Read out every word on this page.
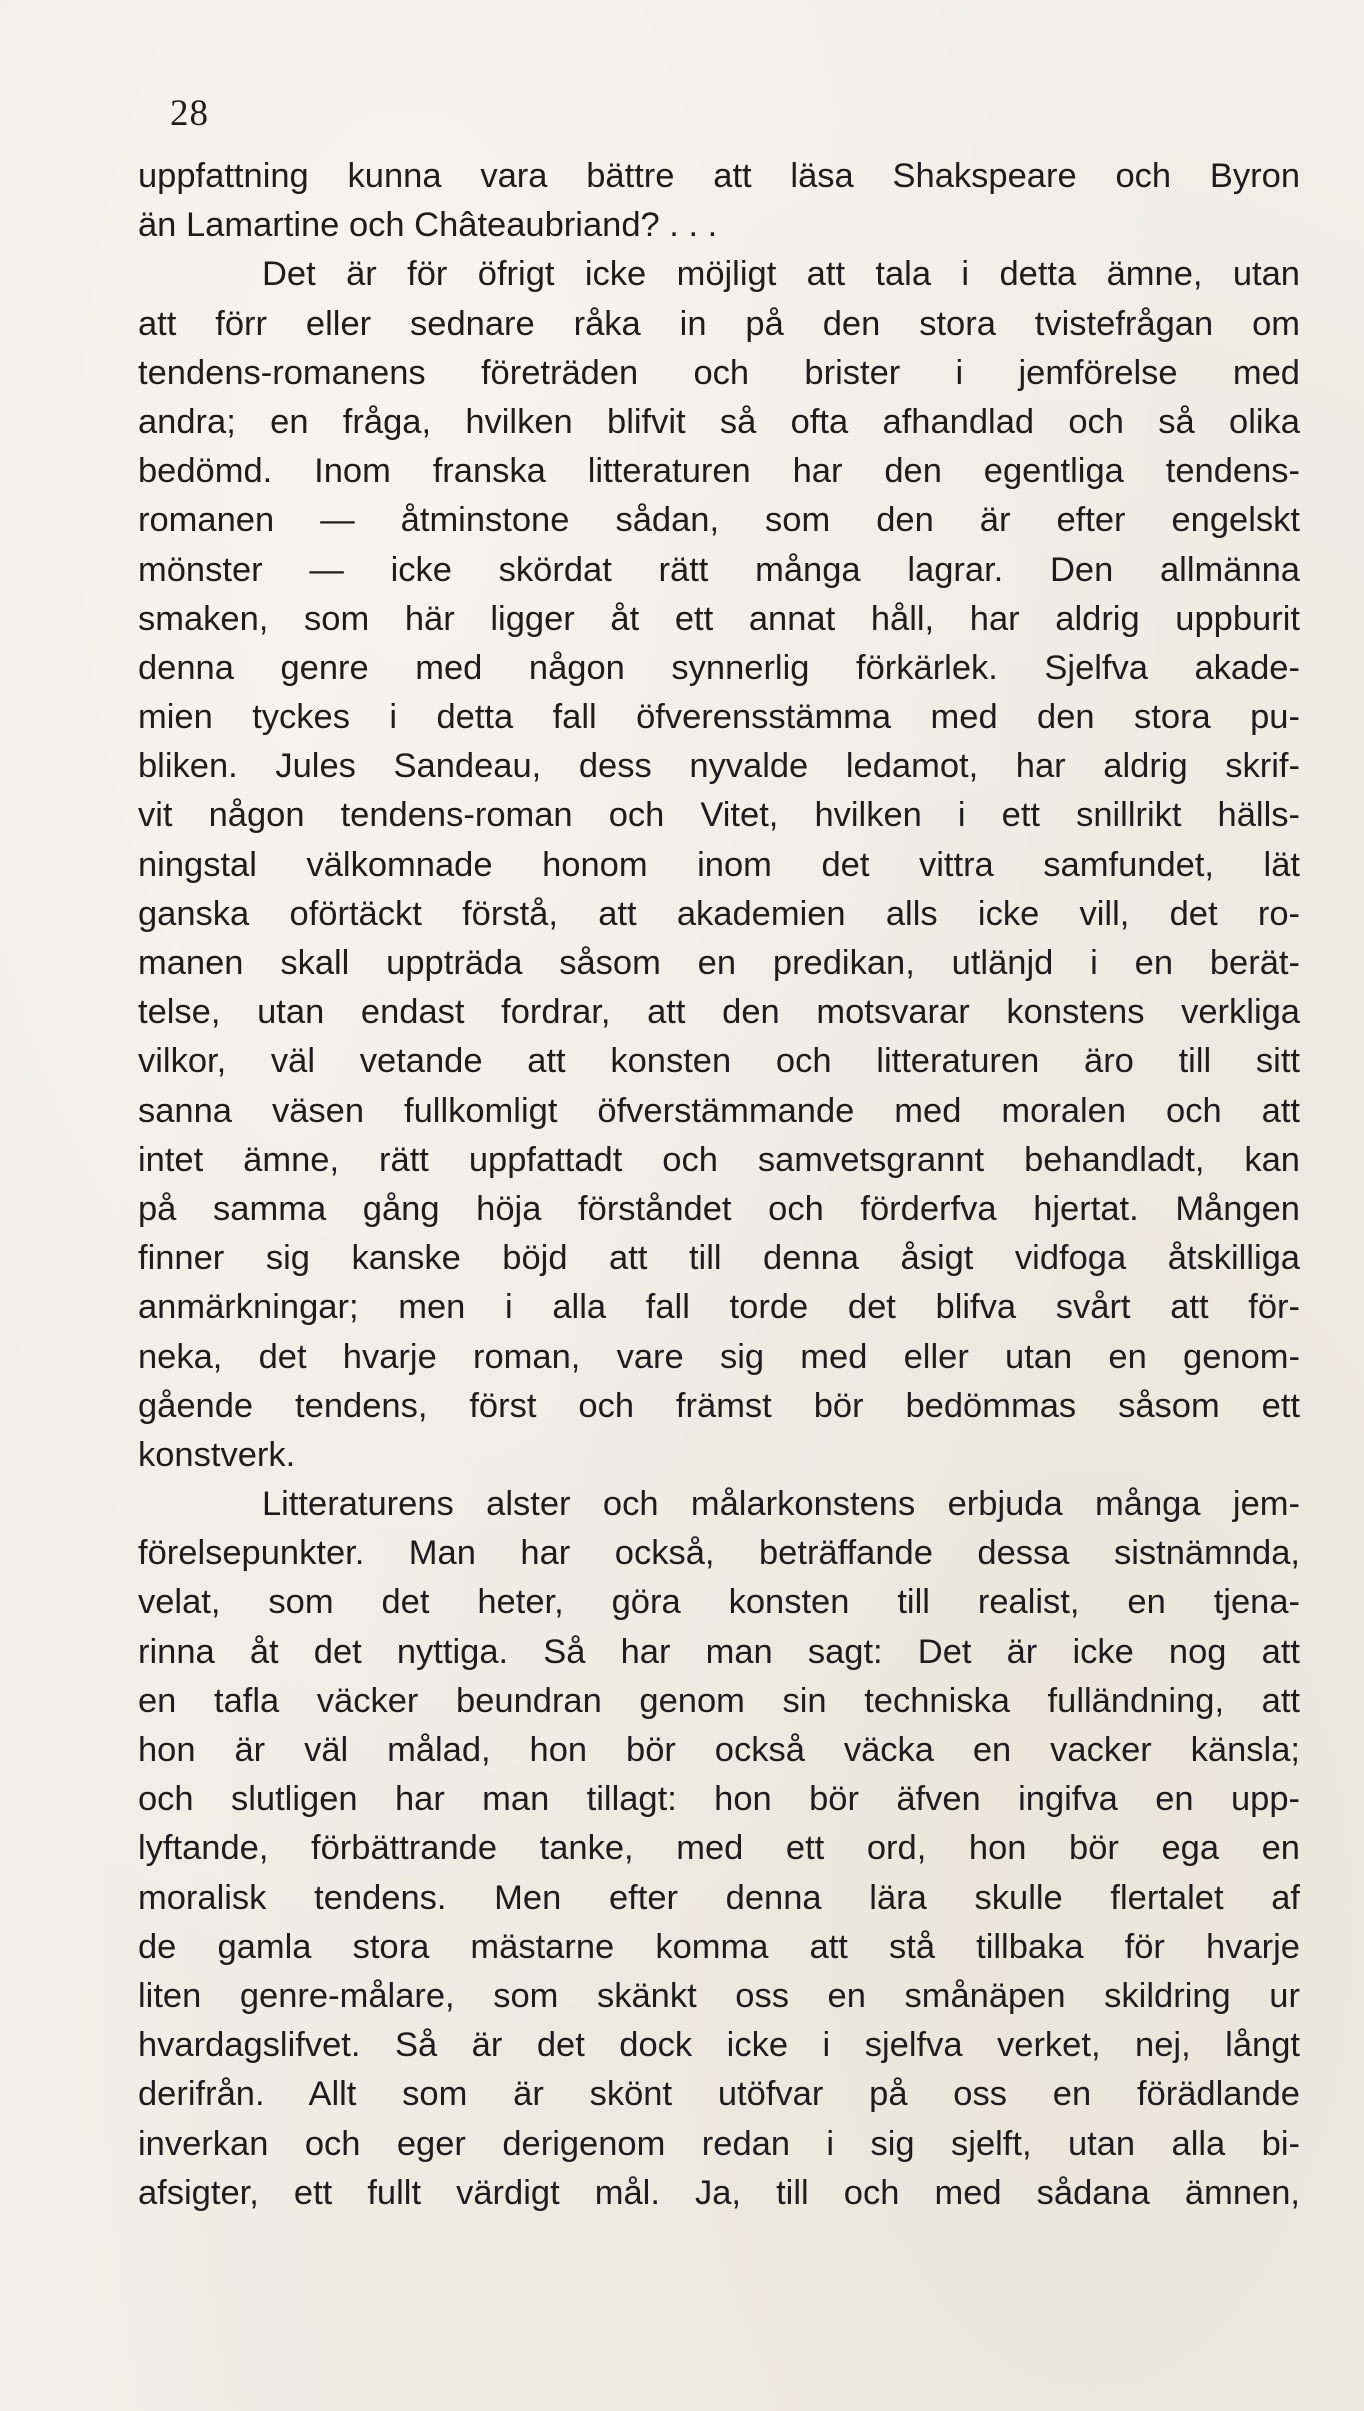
28
uppfattning kunna vara bättre att läsa Shakspeare och Byron
än Lamartine och Châteaubriand? . . .
Det är för öfrigt icke möjligt att tala i detta ämne, utan
att förr eller sednare råka in på den stora tvistefrågan om
tendens-romanens företräden och brister i jemförelse med
andra; en fråga, hvilken blifvit så ofta afhandlad och så olika
bedömd. Inom franska litteraturen har den egentliga tendens-
romanen — åtminstone sådan, som den är efter engelskt
mönster — icke skördat rätt många lagrar. Den allmänna
smaken, som här ligger åt ett annat håll, har aldrig uppburit
denna genre med någon synnerlig förkärlek. Sjelfva akade-
mien tyckes i detta fall öfverensstämma med den stora pu-
bliken. Jules Sandeau, dess nyvalde ledamot, har aldrig skrif-
vit någon tendens-roman och Vitet, hvilken i ett snillrikt hälls-
ningstal välkomnade honom inom det vittra samfundet, lät
ganska oförtäckt förstå, att akademien alls icke vill, det ro-
manen skall uppträda såsom en predikan, utlänjd i en berät-
telse, utan endast fordrar, att den motsvarar konstens verkliga
vilkor, väl vetande att konsten och litteraturen äro till sitt
sanna väsen fullkomligt öfverstämmande med moralen och att
intet ämne, rätt uppfattadt och samvetsgrannt behandladt, kan
på samma gång höja förståndet och förderfva hjertat. Mången
finner sig kanske böjd att till denna åsigt vidfoga åtskilliga
anmärkningar; men i alla fall torde det blifva svårt att för-
neka, det hvarje roman, vare sig med eller utan en genom-
gående tendens, först och främst bör bedömmas såsom ett
konstverk.
Litteraturens alster och målarkonstens erbjuda många jem-
förelsepunkter. Man har också, beträffande dessa sistnämnda,
velat, som det heter, göra konsten till realist, en tjena-
rinna åt det nyttiga. Så har man sagt: Det är icke nog att
en tafla väcker beundran genom sin techniska fulländning, att
hon är väl målad, hon bör också väcka en vacker känsla;
och slutligen har man tillagt: hon bör äfven ingifva en upp-
lyftande, förbättrande tanke, med ett ord, hon bör ega en
moralisk tendens. Men efter denna lära skulle flertalet af
de gamla stora mästarne komma att stå tillbaka för hvarje
liten genre-målare, som skänkt oss en smånäpen skildring ur
hvardagslifvet. Så är det dock icke i sjelfva verket, nej, långt
derifrån. Allt som är skönt utöfvar på oss en förädlande
inverkan och eger derigenom redan i sig sjelft, utan alla bi-
afsigter, ett fullt värdigt mål. Ja, till och med sådana ämnen,
